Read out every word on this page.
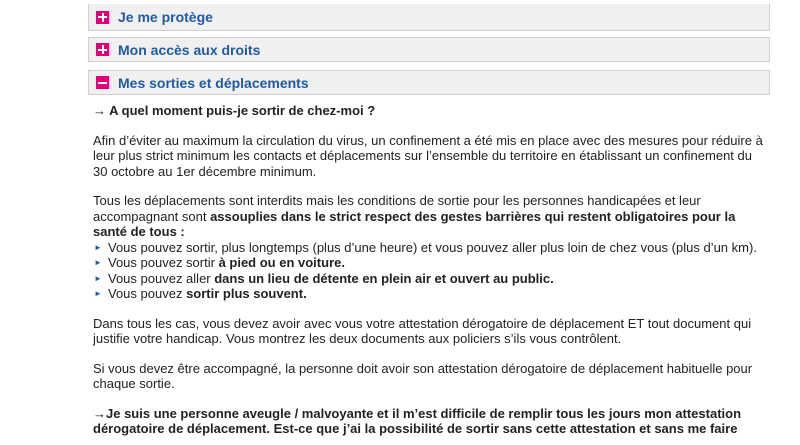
Je me protège
Mon accès aux droits
Mes sorties et déplacements

→ A quel moment puis-je sortir de chez-moi ?

Afin d’éviter au maximum la circulation du virus, un confinement a été mis en place avec des mesures pour réduire à leur plus strict minimum les contacts et déplacements sur l’ensemble du territoire en établissant un confinement du 30 octobre au 1er décembre minimum.

Tous les déplacements sont interdits mais les conditions de sortie pour les personnes handicapées et leur accompagnant sont assouplies dans le strict respect des gestes barrières qui restent obligatoires pour la santé de tous :

► Vous pouvez sortir, plus longtemps (plus d’une heure) et vous pouvez aller plus loin de chez vous (plus d’un km).
► Vous pouvez sortir à pied ou en voiture.
► Vous pouvez aller dans un lieu de détente en plein air et ouvert au public.
► Vous pouvez sortir plus souvent.

Dans tous les cas, vous devez avoir avec vous votre attestation dérogatoire de déplacement ET tout document qui justifie votre handicap. Vous montrez les deux documents aux policiers s’ils vous contrôlent.

Si vous devez être accompagné, la personne doit avoir son attestation dérogatoire de déplacement habituelle pour chaque sortie.

→Je suis une personne aveugle / malvoyante et il m’est difficile de remplir tous les jours mon attestation dérogatoire de déplacement. Est-ce que j’ai la possibilité de sortir sans cette attestation et sans me faire
